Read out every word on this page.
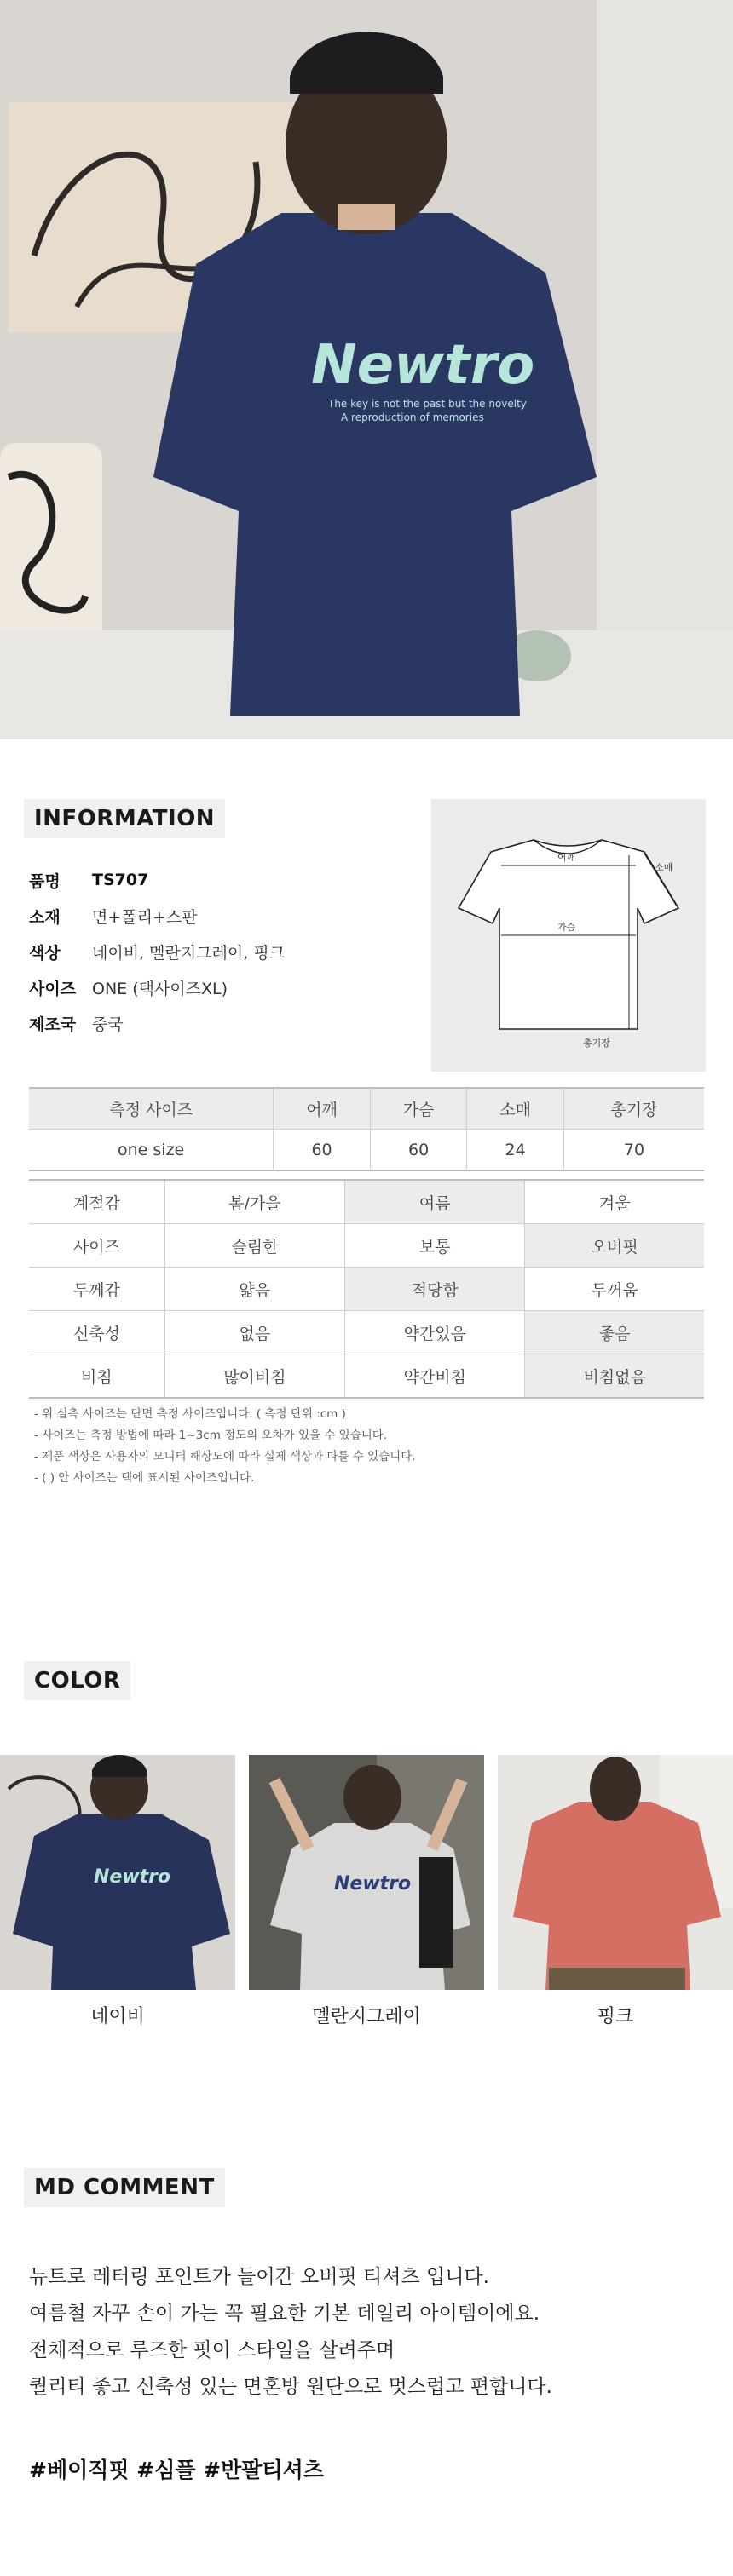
Newtro
The key is not the past but the novelty
A reproduction of memories
INFORMATION
품명	TS707
소재	면+폴리+스판
색상	네이비, 멜란지그레이, 핑크
사이즈 ONE (택사이즈XL)
제조국 중국
어깨
소매
가슴
총기장
측정 사이즈	어깨	가슴	소매	총기장
one size	60	60	24	70
계절감	봄/가을	여름	겨울
사이즈	슬림한	보통	오버핏
두께감	얇음	적당함	두꺼움
신축성	없음	약간있음	좋음
비침	많이비침	약간비침	비침없음
- 위 실측 사이즈는 단면 측정 사이즈입니다. ( 측정 단위 :cm )
- 사이즈는 측정 방법에 따라 1~3cm 정도의 오차가 있을 수 있습니다.
- 제품 색상은 사용자의 모니터 해상도에 따라 실제 색상과 다를 수 있습니다.
- ( ) 안 사이즈는 택에 표시된 사이즈입니다.
COLOR
Newtro	Newtro
네이비	멜란지그레이	핑크
MD COMMENT
뉴트로 레터링 포인트가 들어간 오버핏 티셔츠 입니다.
여름철 자꾸 손이 가는 꼭 필요한 기본 데일리 아이템이에요.
전체적으로 루즈한 핏이 스타일을 살려주며
퀄리티 좋고 신축성 있는 면혼방 원단으로 멋스럽고 편합니다.
#베이직핏 #심플 #반팔티셔츠
